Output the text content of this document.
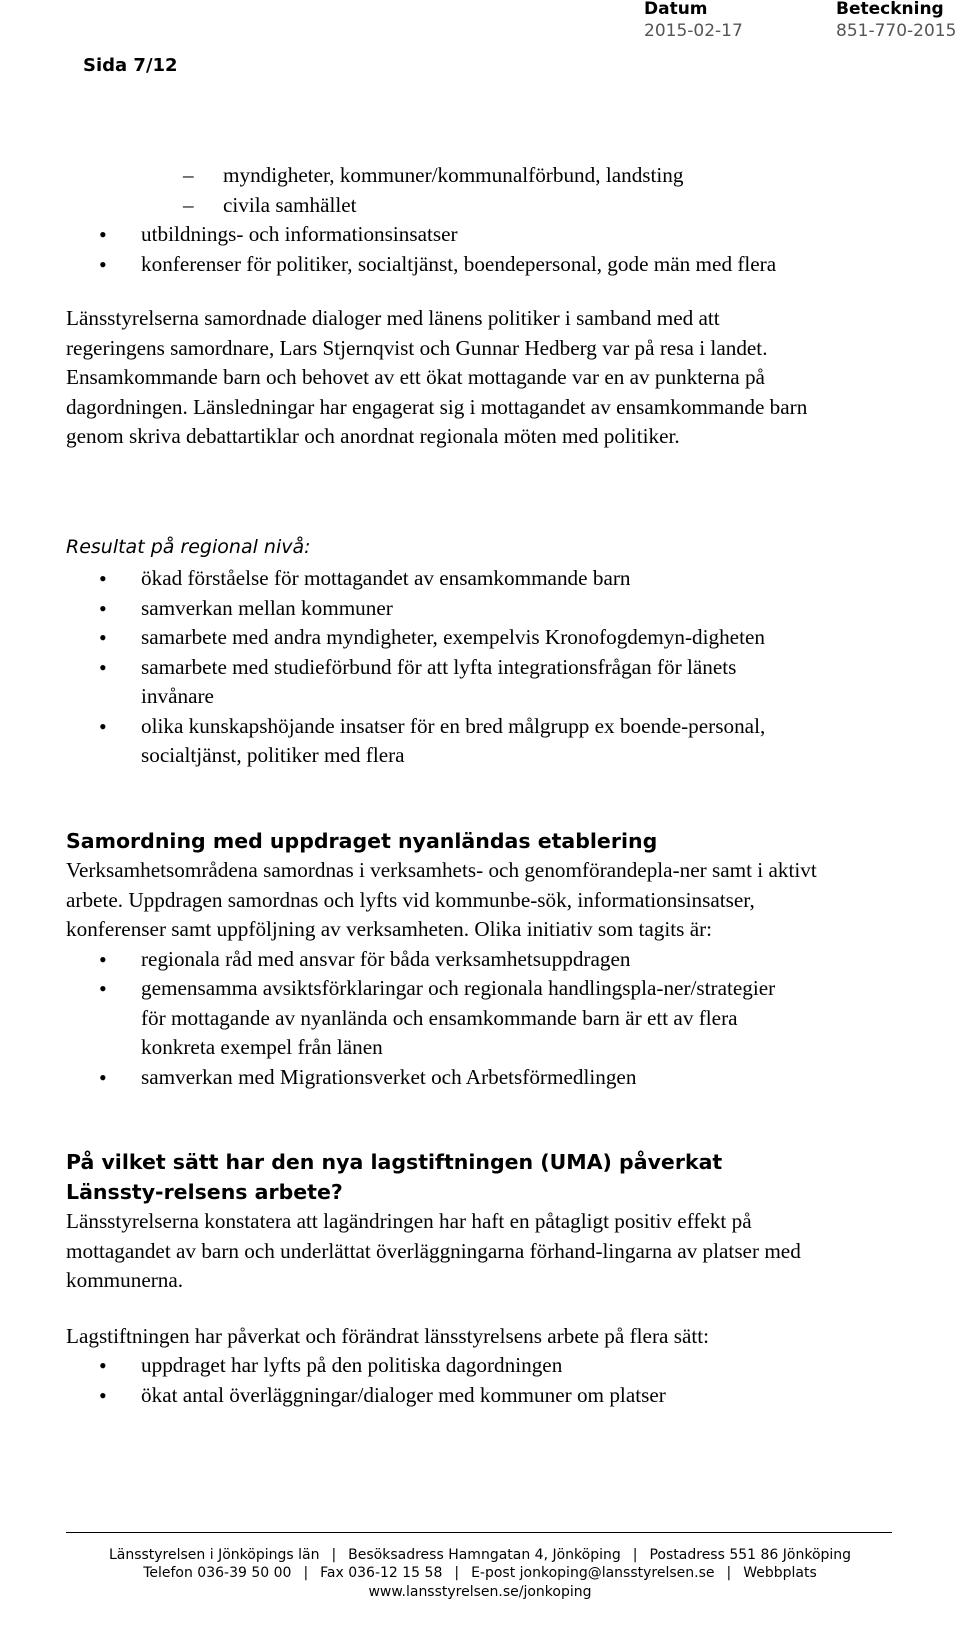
Datum
2015-02-17
Beteckning
851-770-2015
Sida 7/12
– myndigheter, kommuner/kommunalförbund, landsting
– civila samhället
• utbildnings- och informationsinsatser
• konferenser för politiker, socialtjänst, boendepersonal, gode män med flera

Länsstyrelserna samordnade dialoger med länens politiker i samband med att regeringens samordnare, Lars Stjernqvist och Gunnar Hedberg var på resa i landet. Ensamkommande barn och behovet av ett ökat mottagande var en av punkterna på dagordningen. Länsledningar har engagerat sig i mottagandet av ensamkommande barn genom skriva debattartiklar och anordnat regionala möten med politiker.

Resultat på regional nivå:

• ökad förståelse för mottagandet av ensamkommande barn
• samverkan mellan kommuner
• samarbete med andra myndigheter, exempelvis Kronofogdemyn-digheten
• samarbete med studieförbund för att lyfta integrationsfrågan för länets invånare
• olika kunskapshöjande insatser för en bred målgrupp ex boende-personal, socialtjänst, politiker med flera

Samordning med uppdraget nyanländas etablering

Verksamhetsområdena samordnas i verksamhets- och genomförandepla-ner samt i aktivt arbete. Uppdragen samordnas och lyfts vid kommunbe-sök, informationsinsatser, konferenser samt uppföljning av verksamheten. Olika initiativ som tagits är:

• regionala råd med ansvar för båda verksamhetsuppdragen
• gemensamma avsiktsförklaringar och regionala handlingspla-ner/strategier för mottagande av nyanlända och ensamkommande barn är ett av flera konkreta exempel från länen
• samverkan med Migrationsverket och Arbetsförmedlingen

På vilket sätt har den nya lagstiftningen (UMA) påverkat Länssty-relsens arbete?

Länsstyrelserna konstatera att lagändringen har haft en påtagligt positiv effekt på mottagandet av barn och underlättat överläggningarna förhand-lingarna av platser med kommunerna.

Lagstiftningen har påverkat och förändrat länsstyrelsens arbete på flera sätt:

• uppdraget har lyfts på den politiska dagordningen
• ökat antal överläggningar/dialoger med kommuner om platser
Länsstyrelsen i Jönköpings län | Besöksadress Hamngatan 4, Jönköping | Postadress 551 86 Jönköping
Telefon 036-39 50 00 | Fax 036-12 15 58 | E-post jonkoping@lansstyrelsen.se | Webbplats
www.lansstyrelsen.se/jonkoping
